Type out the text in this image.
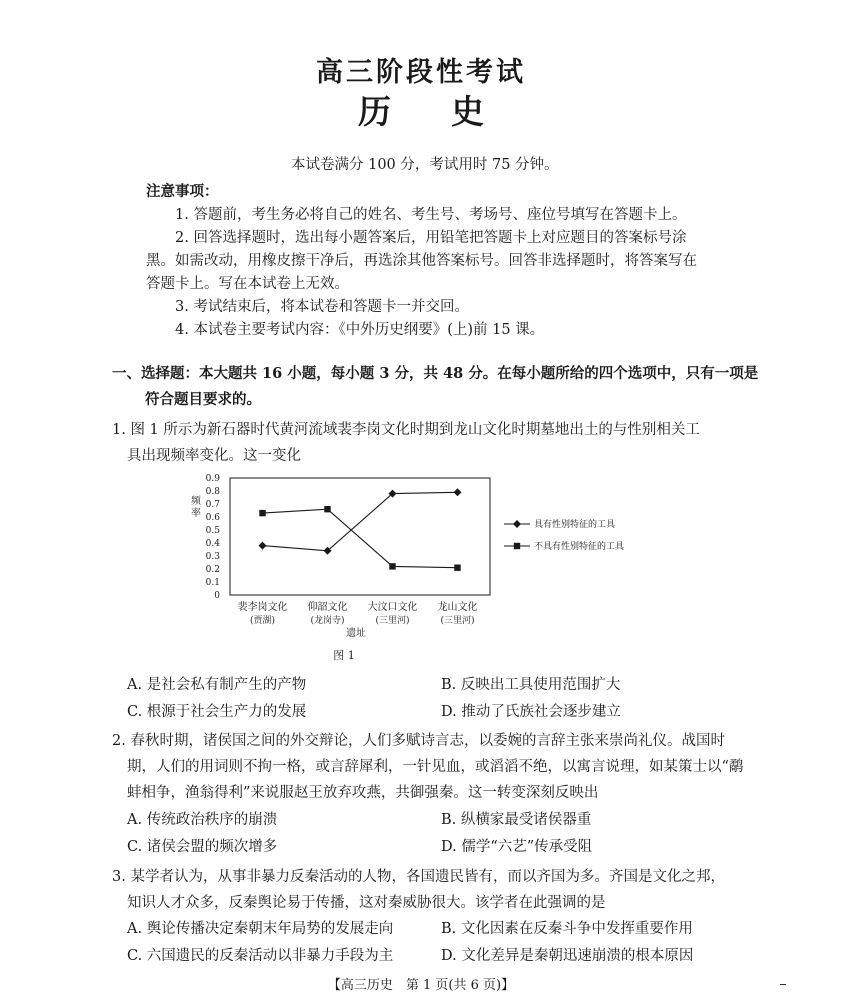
高三阶段性考试
历史
本试卷满分 100 分，考试用时 75 分钟。
注意事项：
1. 答题前，考生务必将自己的姓名、考生号、考场号、座位号填写在答题卡上。
2. 回答选择题时，选出每小题答案后，用铅笔把答题卡上对应题目的答案标号涂
黑。如需改动，用橡皮擦干净后，再选涂其他答案标号。回答非选择题时，将答案写在
答题卡上。写在本试卷上无效。
3. 考试结束后，将本试卷和答题卡一并交回。
4. 本试卷主要考试内容：《中外历史纲要》(上)前 15 课。
一、选择题：本大题共 16 小题，每小题 3 分，共 48 分。在每小题所给的四个选项中，只有一项是
符合题目要求的。
1. 图 1 所示为新石器时代黄河流域裴李岗文化时期到龙山文化时期墓地出土的与性别相关工
具出现频率变化。这一变化
0
0.1
0.2
0.3
0.4
0.5
0.6
0.7
0.8
0.9
频
率
裴李岗文化
(贾湖)
仰韶文化
(龙岗寺)
大汶口文化
(三里河)
龙山文化
(三里河)
遗址
具有性别特征的工具
不具有性别特征的工具
图 1
A. 是社会私有制产生的产物	B. 反映出工具使用范围扩大
C. 根源于社会生产力的发展	D. 推动了氏族社会逐步建立
2. 春秋时期，诸侯国之间的外交辩论，人们多赋诗言志，以委婉的言辞主张来崇尚礼仪。战国时
期，人们的用词则不拘一格，或言辞犀利，一针见血，或滔滔不绝，以寓言说理，如某策士以“鹬
蚌相争，渔翁得利”来说服赵王放弃攻燕，共御强秦。这一转变深刻反映出
A. 传统政治秩序的崩溃	B. 纵横家最受诸侯器重
C. 诸侯会盟的频次增多	D. 儒学“六艺”传承受阻
3. 某学者认为，从事非暴力反秦活动的人物，各国遗民皆有，而以齐国为多。齐国是文化之邦，
知识人才众多，反秦舆论易于传播，这对秦威胁很大。该学者在此强调的是
A. 舆论传播决定秦朝末年局势的发展走向	B. 文化因素在反秦斗争中发挥重要作用
C. 六国遗民的反秦活动以非暴力手段为主	D. 文化差异是秦朝迅速崩溃的根本原因
【高三历史　第 1 页(共 6 页)】
